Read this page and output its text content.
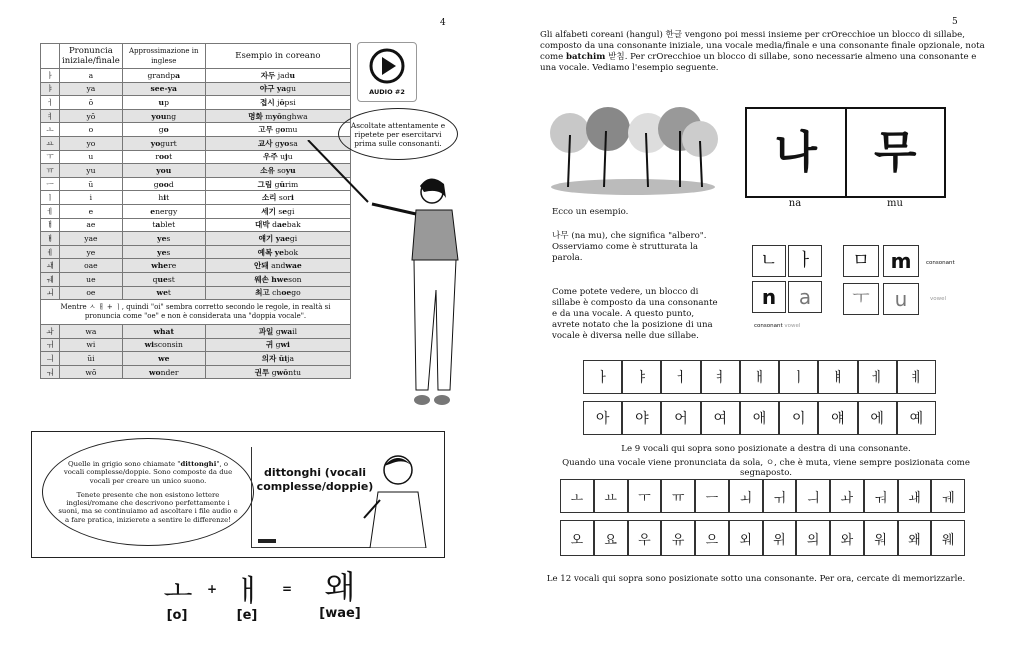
4
	Pronuncia iniziale/finale	Approssimazione in inglese	Esempio in coreano
ㅏ	a	grandpa	자두 jadu
ㅑ	ya	see-ya	야구 yagu
ㅓ	ŏ	up	접시 jŏpsi
ㅕ	yŏ	young	명화 myŏnghwa
ㅗ	o	go	고무 gomu
ㅛ	yo	yogurt	교사 gyosa
ㅜ	u	root	우주 uju
ㅠ	yu	you	소유 soyu
ㅡ	ŭ	good	그림 gŭrim
ㅣ	i	hit	소리 sori
ㅔ	e	energy	세기 segi
ㅐ	ae	tablet	대박 daebak
ㅒ	yae	yes	얘기 yaegi
ㅖ	ye	yes	예복 yebok
ㅙ	oae	where	안돼 andwae
ㅞ	ue	quest	웨손 hweson
ㅚ	oe	wet	최고 choego
Mentre ㅅ ㅐ + ㅣ, quindi "oi" sembra corretto secondo le regole, in realtà si pronuncia come "oe" e non è considerata una "doppia vocale".			
ㅘ	wa	what	과일 gwail
ㅟ	wi	wisconsin	귀 gwi
ㅢ	ŭi	we	의자 ŭija
ㅝ	wŏ	wonder	권투 gwŏntu
AUDIO #2
Ascoltate attentamente e ripetete per esercitarvi prima sulle consonanti.
Quelle in grigio sono chiamate "dittonghi", o vocali complesse/doppie. Sono composte da due vocali per creare un unico suono.
Tenete presente che non esistono lettere inglesi/romane che descrivono perfettamente i suoni, ma se continuiamo ad ascoltare i file audio e a fare pratica, inizierete a sentire le differenze!
dittonghi (vocali complesse/doppie)
ㅗ
[o]
+ ㅐ
[e]
=	왜
[wae]
5
Gli alfabeti coreani (hangul) 한글 vengono poi messi insieme per crOrecchioe un blocco di sillabe, composto da una consonante iniziale, una vocale media/finale e una consonante finale opzionale, nota come batchim 받침. Per crOrecchioe un blocco di sillabe, sono necessarie almeno una consonante e una vocale. Vediamo l'esempio seguente.
나	무
na	mu
Ecco un esempio.
나무 (na mu), che significa "albero". Osserviamo come è strutturata la parola.
Come potete vedere, un blocco di sillabe è composto da una consonante e da una vocale. A questo punto, avrete notato che la posizione di una vocale è diversa nelle due sillabe.
ㄴ	ㅏ
n	a
consonant vowel
ㅁ	m
ㅜ	u
consonant
vowel
ㅏ	ㅑ	ㅓ	ㅕ	ㅐ	ㅣ	ㅒ	ㅔ	ㅖ
아	야	어	여	애	이	얘	에	예
Le 9 vocali qui sopra sono posizionate a destra di una consonante.
Quando una vocale viene pronunciata da sola, ㅇ, che è muta, viene sempre posizionata come segnaposto.
ㅗ	ㅛ	ㅜ	ㅠ	ㅡ	ㅚ	ㅟ	ㅢ	ㅘ	ㅝ	ㅙ	ㅞ
오	요	우	유	으	외	위	의	와	워	왜	웨
Le 12 vocali qui sopra sono posizionate sotto una consonante. Per ora, cercate di memorizzarle.
